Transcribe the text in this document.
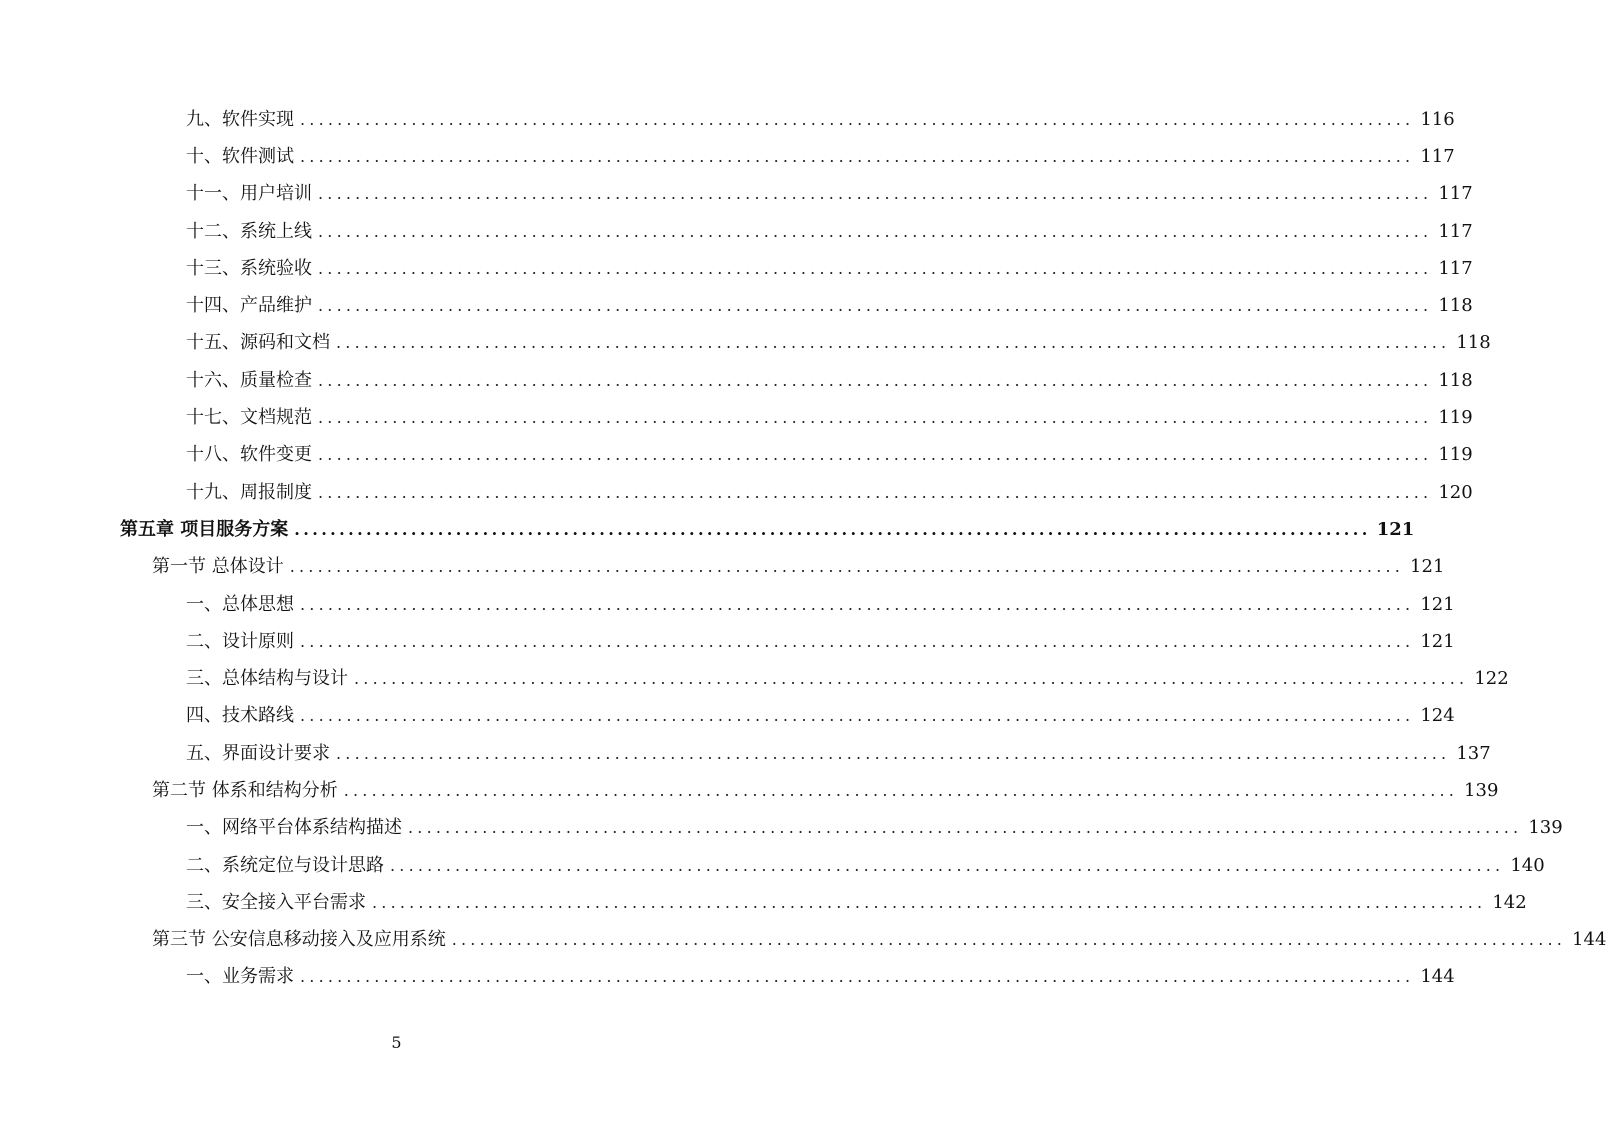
九、软件实现 ........................................................................................................................ 116
十、软件测试 ........................................................................................................................ 117
十一、用户培训 ........................................................................................................................ 117
十二、系统上线 ........................................................................................................................ 117
十三、系统验收 ........................................................................................................................ 117
十四、产品维护 ........................................................................................................................ 118
十五、源码和文档 ........................................................................................................................ 118
十六、质量检查 ........................................................................................................................ 118
十七、文档规范 ........................................................................................................................ 119
十八、软件变更 ........................................................................................................................ 119
十九、周报制度 ........................................................................................................................ 120
第五章 项目服务方案 ........................................................................................................................ 121
第一节 总体设计 ........................................................................................................................ 121
一、总体思想 ........................................................................................................................ 121
二、设计原则 ........................................................................................................................ 121
三、总体结构与设计 ........................................................................................................................ 122
四、技术路线 ........................................................................................................................ 124
五、界面设计要求 ........................................................................................................................ 137
第二节 体系和结构分析 ........................................................................................................................ 139
一、网络平台体系结构描述 ........................................................................................................................ 139
二、系统定位与设计思路 ........................................................................................................................ 140
三、安全接入平台需求 ........................................................................................................................ 142
第三节 公安信息移动接入及应用系统 ........................................................................................................................ 144
一、业务需求 ........................................................................................................................ 144
5
